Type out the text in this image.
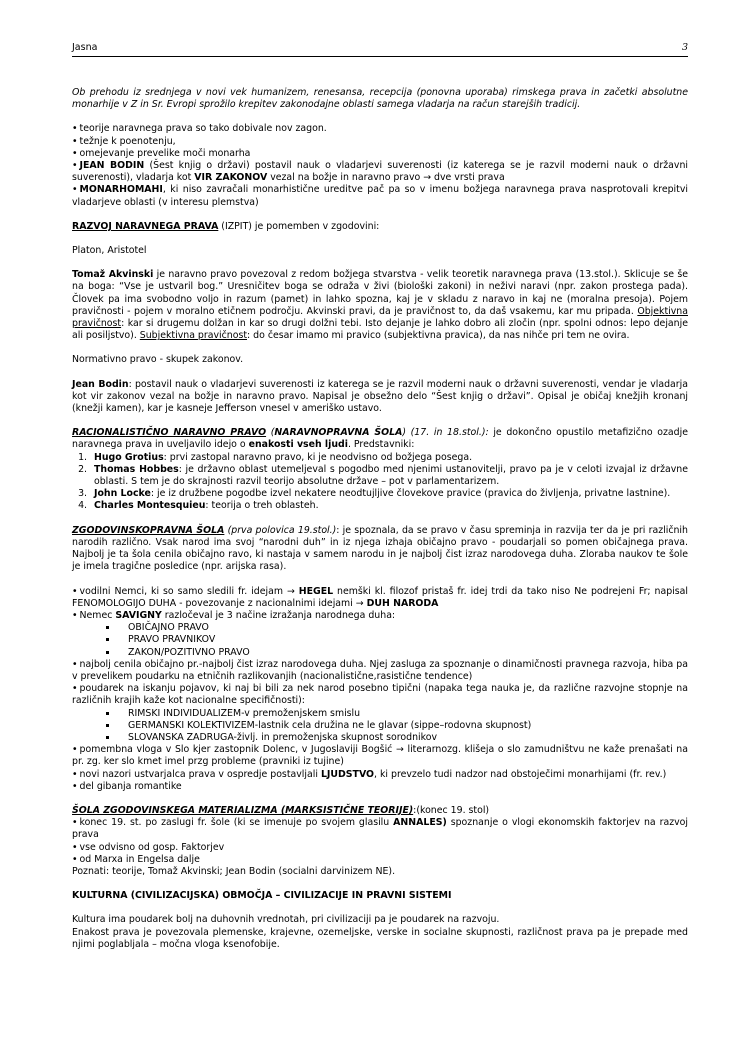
Jasna	3

Ob prehodu iz srednjega v novi vek humanizem, renesansa, recepcija (ponovna uporaba) rimskega prava in začetki absolutne monarhije v Z in Sr. Evropi sprožilo krepitev zakonodajne oblasti samega vladarja na račun starejših tradicij.

• teorije naravnega prava so tako dobivale nov zagon.

• težnje k poenotenju,

• omejevanje prevelike moči monarha

• JEAN BODIN (Šest knjig o državi) postavil nauk o vladarjevi suverenosti (iz katerega se je razvil moderni nauk o državni suverenosti), vladarja kot VIR ZAKONOV vezal na božje in naravno pravo → dve vrsti prava

• MONARHOMAHI, ki niso zavračali monarhistične ureditve pač pa so v imenu božjega naravnega prava nasprotovali krepitvi vladarjeve oblasti (v interesu plemstva)

RAZVOJ NARAVNEGA PRAVA (IZPIT) je pomemben v zgodovini:

Platon, Aristotel

Tomaž Akvinski je naravno pravo povezoval z redom božjega stvarstva - velik teoretik naravnega prava (13.stol.). Sklicuje se še na boga: “Vse je ustvaril bog.” Uresničitev boga se odraža v živi (biološki zakoni) in neživi naravi (npr. zakon prostega pada). Človek pa ima svobodno voljo in razum (pamet) in lahko spozna, kaj je v skladu z naravo in kaj ne (moralna presoja). Pojem pravičnosti - pojem v moralno etičnem področju. Akvinski pravi, da je pravičnost to, da daš vsakemu, kar mu pripada. Objektivna pravičnost: kar si drugemu dolžan in kar so drugi dolžni tebi. Isto dejanje je lahko dobro ali zločin (npr. spolni odnos: lepo dejanje ali posiljstvo). Subjektivna pravičnost: do česar imamo mi pravico (subjektivna pravica), da nas nihče pri tem ne ovira.

Normativno pravo - skupek zakonov.

Jean Bodin: postavil nauk o vladarjevi suverenosti iz katerega se je razvil moderni nauk o državni suverenosti, vendar je vladarja kot vir zakonov vezal na božje in naravno pravo. Napisal je obsežno delo “Šest knjig o državi”. Opisal je običaj knežjih kronanj (knežji kamen), kar je kasneje Jefferson vnesel v ameriško ustavo.

RACIONALISTIČNO NARAVNO PRAVO (NARAVNOPRAVNA ŠOLA) (17. in 18.stol.): je dokončno opustilo metafizično ozadje naravnega prava in uveljavilo idejo o enakosti vseh ljudi. Predstavniki:

1. Hugo Grotius: prvi zastopal naravno pravo, ki je neodvisno od božjega posega.
2. Thomas Hobbes: je državno oblast utemeljeval s pogodbo med njenimi ustanovitelji, pravo pa je v celoti izvajal iz državne oblasti. S tem je do skrajnosti razvil teorijo absolutne države – pot v parlamentarizem.
3. John Locke: je iz družbene pogodbe izvel nekatere neodtujljive človekove pravice (pravica do življenja, privatne lastnine).
4. Charles Montesquieu: teorija o treh oblasteh.

ZGODOVINSKOPRAVNA ŠOLA (prva polovica 19.stol.): je spoznala, da se pravo v času spreminja in razvija ter da je pri različnih narodih različno. Vsak narod ima svoj “narodni duh” in iz njega izhaja običajno pravo - poudarjali so pomen običajnega prava. Najbolj je ta šola cenila običajno ravo, ki nastaja v samem narodu in je najbolj čist izraz narodovega duha. Zloraba naukov te šole je imela tragične posledice (npr. arijska rasa).

• vodilni Nemci, ki so samo sledili fr. idejam → HEGEL nemški kl. filozof pristaš fr. idej trdi da tako niso Ne podrejeni Fr; napisal FENOMOLOGIJO DUHA - povezovanje z nacionalnimi idejami → DUH NARODA

• Nemec SAVIGNY razločeval je 3 načine izražanja narodnega duha:

▪ OBIČAJNO PRAVO
▪ PRAVO PRAVNIKOV
▪ ZAKON/POZITIVNO PRAVO

• najbolj cenila običajno pr.-najbolj čist izraz narodovega duha. Njej zasluga za spoznanje o dinamičnosti pravnega razvoja, hiba pa v prevelikem poudarku na etničnih razlikovanjih (nacionalistične,rasistične tendence)

• poudarek na iskanju pojavov, ki naj bi bili za nek narod posebno tipični (napaka tega nauka je, da različne razvojne stopnje na različnih krajih kaže kot nacionalne specifičnosti):

▪ RIMSKI INDIVIDUALIZEM-v premoženjskem smislu
▪ GERMANSKI KOLEKTIVIZEM-lastnik cela družina ne le glavar (sippe–rodovna skupnost)
▪ SLOVANSKA ZADRUGA-življ. in premoženjska skupnost sorodnikov

• pomembna vloga v Slo kjer zastopnik Dolenc, v Jugoslaviji Bogšić → literarnozg. klišeja o slo zamudništvu ne kaže prenašati na pr. zg. ker slo kmet imel przg probleme (pravniki iz tujine)

• novi nazori ustvarjalca prava v ospredje postavljali LJUDSTVO, ki prevzelo tudi nadzor nad obstoječimi monarhijami (fr. rev.)

• del gibanja romantike

ŠOLA ZGODOVINSKEGA MATERIALIZMA (MARKSISTIČNE TEORIJE):(konec 19. stol)

• konec 19. st. po zaslugi fr. šole (ki se imenuje po svojem glasilu ANNALES) spoznanje o vlogi ekonomskih faktorjev na razvoj prava

• vse odvisno od gosp. Faktorjev

• od Marxa in Engelsa dalje

Poznati: teorije, Tomaž Akvinski; Jean Bodin (socialni darvinizem NE).

KULTURNA (CIVILIZACIJSKA) OBMOČJA – CIVILIZACIJE IN PRAVNI SISTEMI

Kultura ima poudarek bolj na duhovnih vrednotah, pri civilizaciji pa je poudarek na razvoju.

Enakost prava je povezovala plemenske, krajevne, ozemeljske, verske in socialne skupnosti, različnost prava pa je prepade med njimi poglabljala – močna vloga ksenofobije.
